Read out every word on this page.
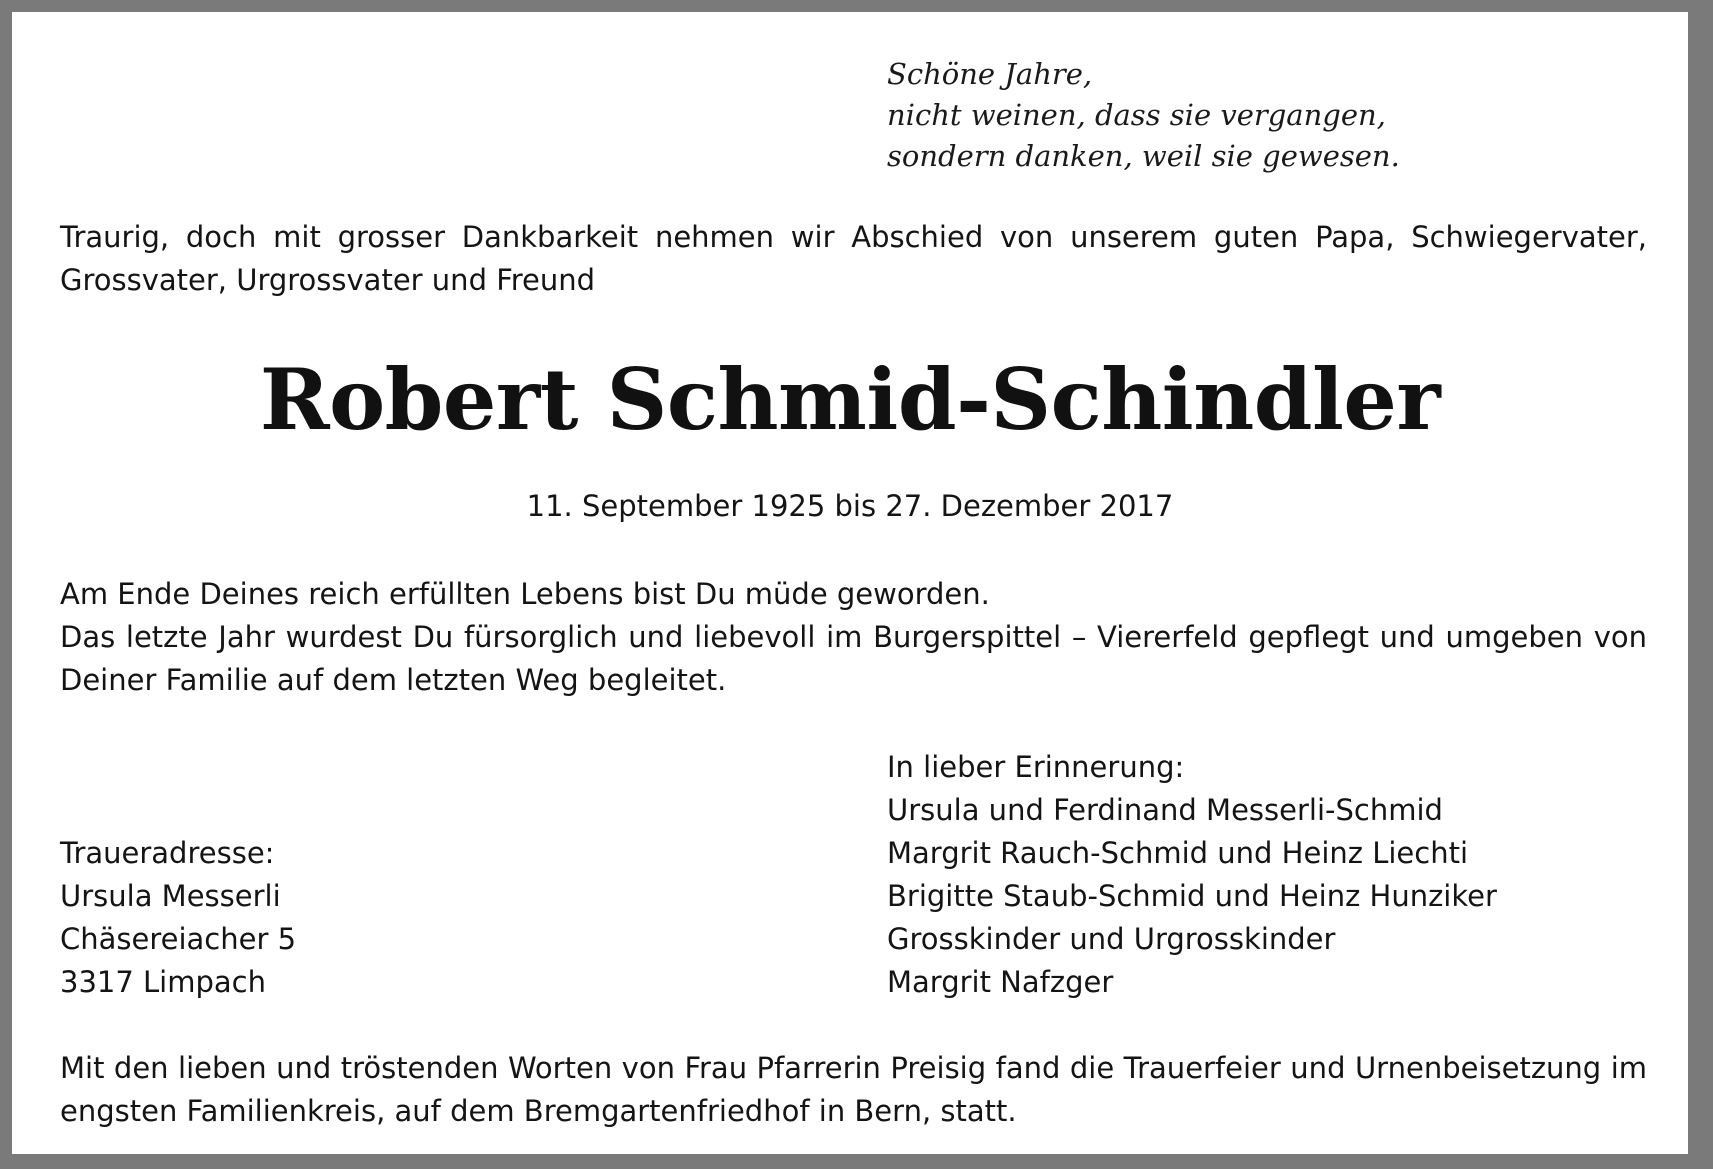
Schöne Jahre,
nicht weinen, dass sie vergangen,
sondern danken, weil sie gewesen.

Traurig, doch mit grosser Dankbarkeit nehmen wir Abschied von unserem guten Papa, Schwiegervater, Grossvater, Urgrossvater und Freund

Robert Schmid-Schindler

11. September 1925 bis 27. Dezember 2017

Am Ende Deines reich erfüllten Lebens bist Du müde geworden.
Das letzte Jahr wurdest Du fürsorglich und liebevoll im Burgerspittel – Viererfeld gepflegt und umgeben von Deiner Familie auf dem letzten Weg begleitet.
In lieber Erinnerung:
Ursula und Ferdinand Messerli-Schmid
Margrit Rauch-Schmid und Heinz Liechti
Brigitte Staub-Schmid und Heinz Hunziker
Grosskinder und Urgrosskinder
Margrit Nafzger
Traueradresse:
Ursula Messerli
Chäsereiacher 5
3317 Limpach

Mit den lieben und tröstenden Worten von Frau Pfarrerin Preisig fand die Trauerfeier und Urnenbeisetzung im engsten Familienkreis, auf dem Bremgartenfriedhof in Bern, statt.
